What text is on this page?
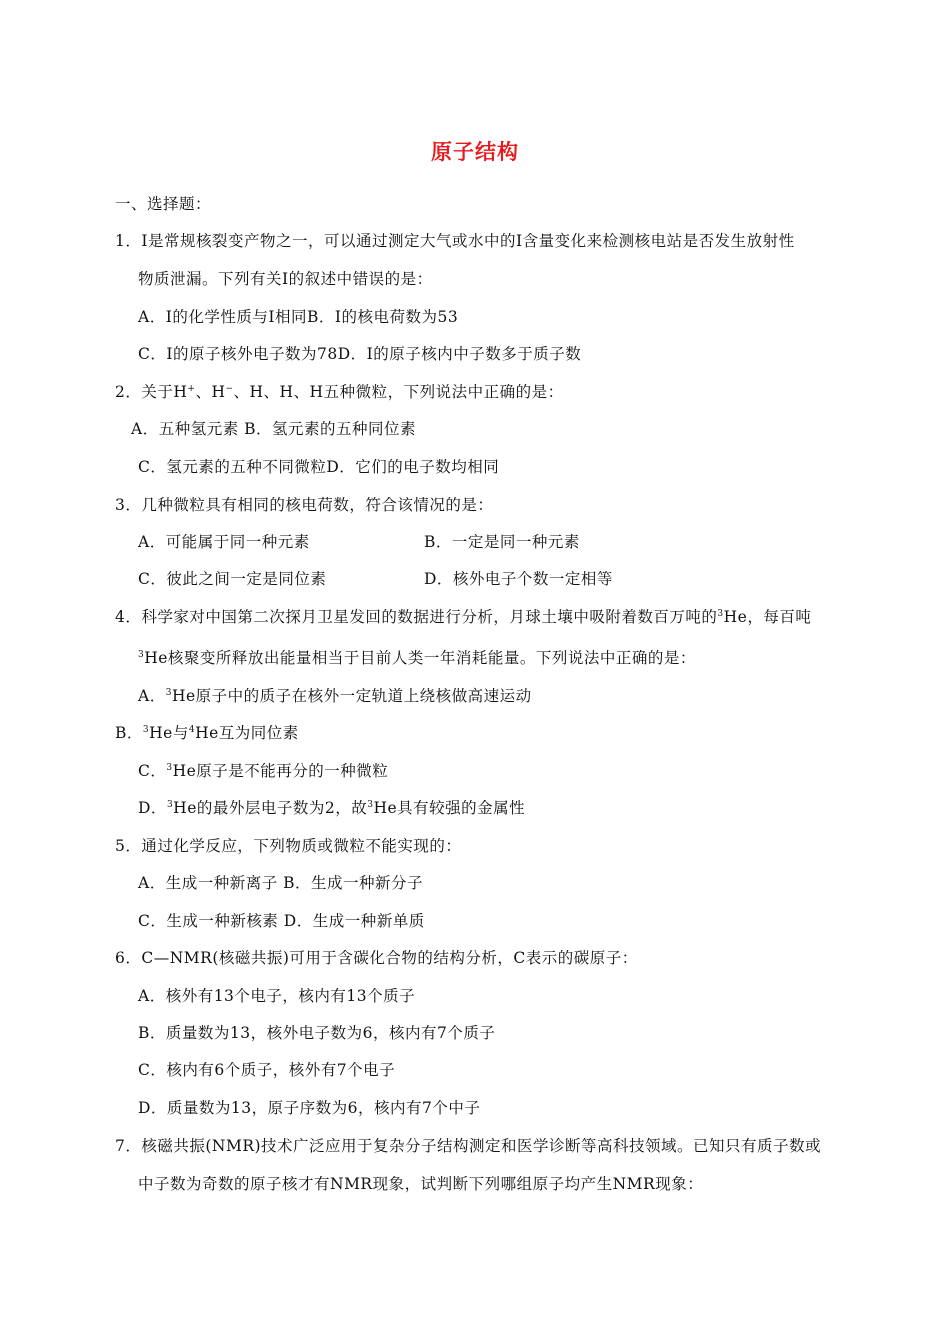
原子结构
一、选择题：
1．I是常规核裂变产物之一，可以通过测定大气或水中的I含量变化来检测核电站是否发生放射性
物质泄漏。下列有关I的叙述中错误的是：
A．I的化学性质与I相同B．I的核电荷数为53
C．I的原子核外电子数为78D．I的原子核内中子数多于质子数
2．关于H+、H−、H、H、H五种微粒，下列说法中正确的是：
A．五种氢元素 B．氢元素的五种同位素
C．氢元素的五种不同微粒D．它们的电子数均相同
3．几种微粒具有相同的核电荷数，符合该情况的是：
A．可能属于同一种元素	B．一定是同一种元素
C．彼此之间一定是同位素	D．核外电子个数一定相等
4．科学家对中国第二次探月卫星发回的数据进行分析，月球土壤中吸附着数百万吨的$^3$He，每百吨
$^3$He核聚变所释放出能量相当于目前人类一年消耗能量。下列说法中正确的是：
A．$^3$He原子中的质子在核外一定轨道上绕核做高速运动
B．$^3$He与$^4$He互为同位素
C．$^3$He原子是不能再分的一种微粒
D．$^3$He的最外层电子数为2，故$^3$He具有较强的金属性
5．通过化学反应，下列物质或微粒不能实现的：
A．生成一种新离子 B．生成一种新分子
C．生成一种新核素 D．生成一种新单质
6．C—NMR(核磁共振)可用于含碳化合物的结构分析，C表示的碳原子：
A．核外有13个电子，核内有13个质子
B．质量数为13，核外电子数为6，核内有7个质子
C．核内有6个质子，核外有7个电子
D．质量数为13，原子序数为6，核内有7个中子
7．核磁共振(NMR)技术广泛应用于复杂分子结构测定和医学诊断等高科技领域。已知只有质子数或
中子数为奇数的原子核才有NMR现象，试判断下列哪组原子均产生NMR现象：
